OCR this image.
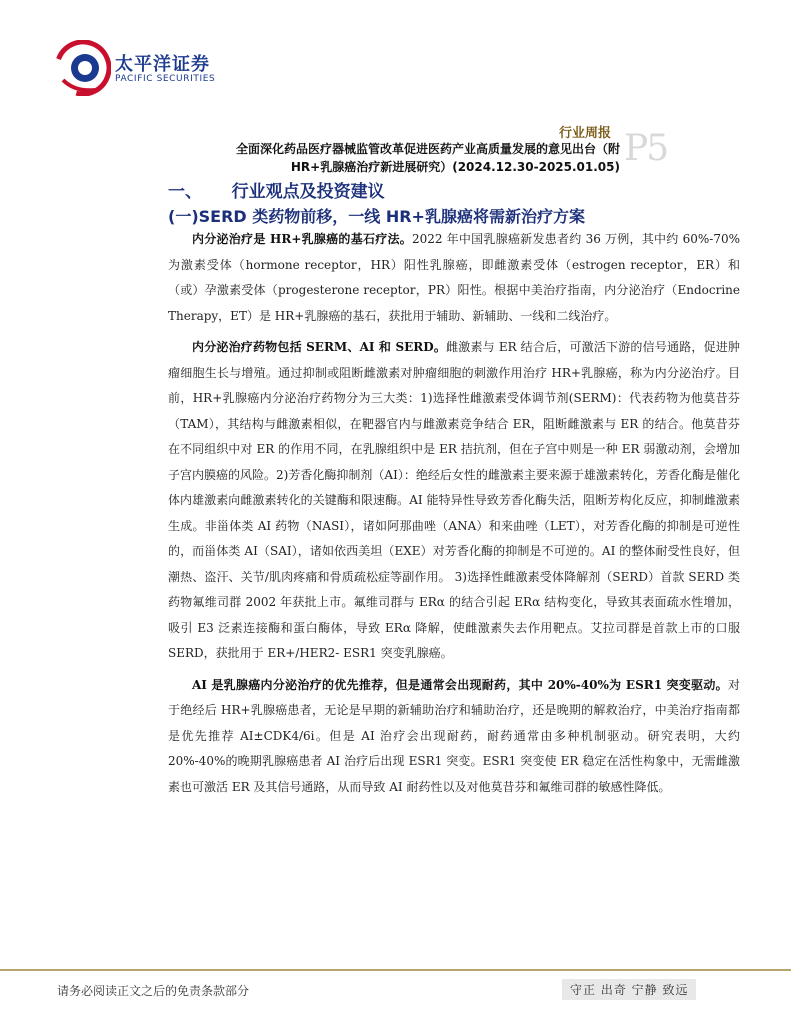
太平洋证券
PACIFIC SECURITIES
行业周报 P5
全面深化药品医疗器械监管改革促进医药产业高质量发展的意见出台（附HR+乳腺癌治疗新进展研究）(2024.12.30-2025.01.05)
一、     行业观点及投资建议
(一)SERD 类药物前移，一线 HR+乳腺癌将需新治疗方案

内分泌治疗是 HR+乳腺癌的基石疗法。2022 年中国乳腺癌新发患者约 36 万例，其中约 60%-70%为激素受体（hormone receptor，HR）阳性乳腺癌，即雌激素受体（estrogen receptor，ER）和（或）孕激素受体（progesterone receptor，PR）阳性。根据中美治疗指南，内分泌治疗（Endocrine Therapy，ET）是 HR+乳腺癌的基石，获批用于辅助、新辅助、一线和二线治疗。

内分泌治疗药物包括 SERM、AI 和 SERD。雌激素与 ER 结合后，可激活下游的信号通路，促进肿瘤细胞生长与增殖。通过抑制或阻断雌激素对肿瘤细胞的刺激作用治疗 HR+乳腺癌，称为内分泌治疗。目前，HR+乳腺癌内分泌治疗药物分为三大类：1)选择性雌激素受体调节剂(SERM)：代表药物为他莫昔芬（TAM），其结构与雌激素相似，在靶器官内与雌激素竞争结合 ER，阻断雌激素与 ER 的结合。他莫昔芬在不同组织中对 ER 的作用不同，在乳腺组织中是 ER 拮抗剂，但在子宫中则是一种 ER 弱激动剂，会增加子宫内膜癌的风险。2)芳香化酶抑制剂（AI）：绝经后女性的雌激素主要来源于雄激素转化，芳香化酶是催化体内雄激素向雌激素转化的关键酶和限速酶。AI 能特异性导致芳香化酶失活，阻断芳构化反应，抑制雌激素生成。非甾体类 AI 药物（NASI），诸如阿那曲唑（ANA）和来曲唑（LET），对芳香化酶的抑制是可逆性的，而甾体类 AI（SAI），诸如依西美坦（EXE）对芳香化酶的抑制是不可逆的。AI 的整体耐受性良好，但潮热、盗汗、关节/肌肉疼痛和骨质疏松症等副作用。 3)选择性雌激素受体降解剂（SERD）首款 SERD 类药物氟维司群 2002 年获批上市。氟维司群与 ERα 的结合引起 ERα 结构变化，导致其表面疏水性增加，吸引 E3 泛素连接酶和蛋白酶体，导致 ERα 降解，使雌激素失去作用靶点。艾拉司群是首款上市的口服 SERD，获批用于 ER+/HER2- ESR1 突变乳腺癌。

AI 是乳腺癌内分泌治疗的优先推荐，但是通常会出现耐药，其中 20%-40%为 ESR1 突变驱动。对于绝经后 HR+乳腺癌患者，无论是早期的新辅助治疗和辅助治疗，还是晚期的解救治疗，中美治疗指南都是优先推荐 AI±CDK4/6i。但是 AI 治疗会出现耐药，耐药通常由多种机制驱动。研究表明，大约 20%-40%的晚期乳腺癌患者 AI 治疗后出现 ESR1 突变。ESR1 突变使 ER 稳定在活性构象中，无需雌激素也可激活 ER 及其信号通路，从而导致 AI 耐药性以及对他莫昔芬和氟维司群的敏感性降低。

请务必阅读正文之后的免责条款部分	守正 出奇 宁静 致远
